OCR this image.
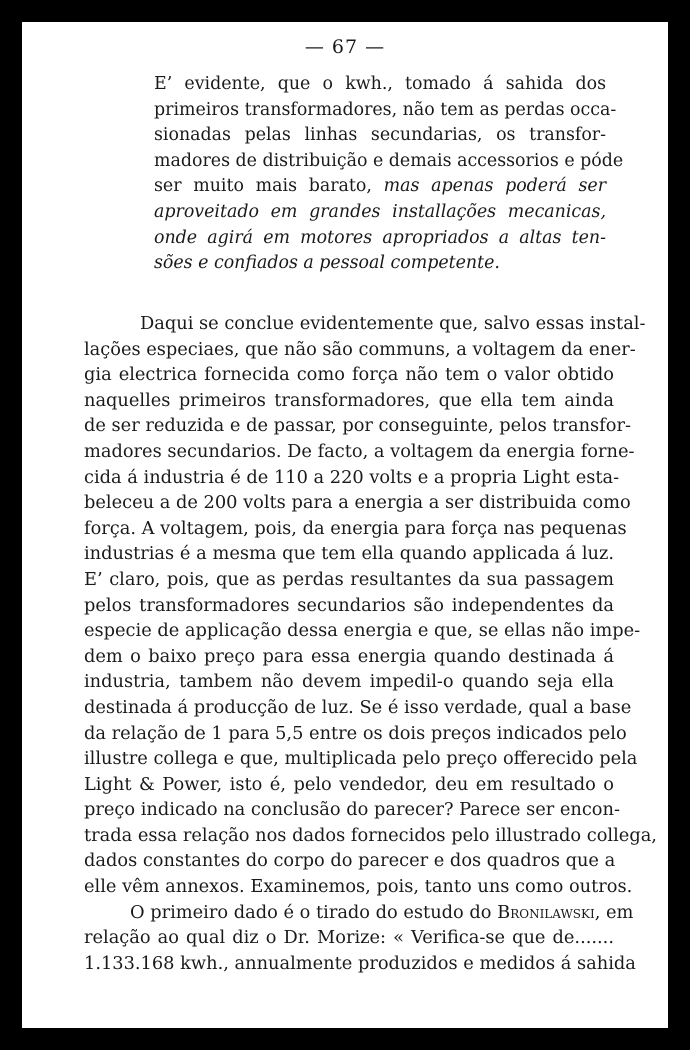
— 67 —
E’ evidente, que o kwh., tomado á sahida dos
primeiros transformadores, não tem as perdas occa-
sionadas pelas linhas secundarias, os transfor-
madores de distribuição e demais accessorios e póde
ser muito mais barato, mas apenas poderá ser
aproveitado em grandes installações mecanicas,
onde agirá em motores apropriados a altas ten-
sões e confiados a pessoal competente.
Daqui se conclue evidentemente que, salvo essas instal-
lações especiaes, que não são communs, a voltagem da ener-
gia electrica fornecida como força não tem o valor obtido
naquelles primeiros transformadores, que ella tem ainda
de ser reduzida e de passar, por conseguinte, pelos transfor-
madores secundarios. De facto, a voltagem da energia forne-
cida á industria é de 110 a 220 volts e a propria Light esta-
beleceu a de 200 volts para a energia a ser distribuida como
força. A voltagem, pois, da energia para força nas pequenas
industrias é a mesma que tem ella quando applicada á luz.
E’ claro, pois, que as perdas resultantes da sua passagem
pelos transformadores secundarios são independentes da
especie de applicação dessa energia e que, se ellas não impe-
dem o baixo preço para essa energia quando destinada á
industria, tambem não devem impedil-o quando seja ella
destinada á producção de luz. Se é isso verdade, qual a base
da relação de 1 para 5,5 entre os dois preços indicados pelo
illustre collega e que, multiplicada pelo preço offerecido pela
Light & Power, isto é, pelo vendedor, deu em resultado o
preço indicado na conclusão do parecer? Parece ser encon-
trada essa relação nos dados fornecidos pelo illustrado collega,
dados constantes do corpo do parecer e dos quadros que a
elle vêm annexos. Examinemos, pois, tanto uns como outros.
O primeiro dado é o tirado do estudo do Bronilawski, em
relação ao qual diz o Dr. Morize: « Verifica-se que de.......
1.133.168 kwh., annualmente produzidos e medidos á sahida
